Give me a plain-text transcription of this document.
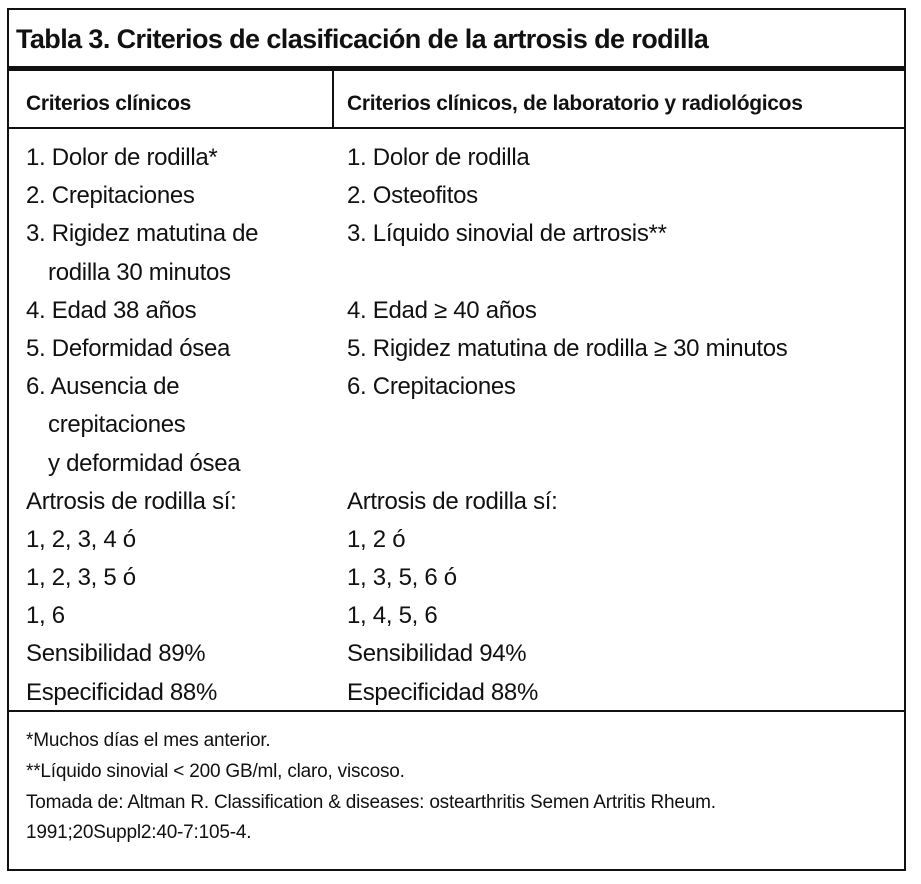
Tabla 3. Criterios de clasificación de la artrosis de rodilla
Criterios clínicos	Criterios clínicos, de laboratorio y radiológicos
1. Dolor de rodilla*
2. Crepitaciones
3. Rigidez matutina de
rodilla 30 minutos
4. Edad 38 años
5. Deformidad ósea
6. Ausencia de
crepitaciones
y deformidad ósea
Artrosis de rodilla sí:
1, 2, 3, 4 ó
1, 2, 3, 5 ó
1, 6
Sensibilidad 89%
Especificidad 88%
1. Dolor de rodilla
2. Osteofitos
3. Líquido sinovial de artrosis**
4. Edad ≥ 40 años
5. Rigidez matutina de rodilla ≥ 30 minutos
6. Crepitaciones
Artrosis de rodilla sí:
1, 2 ó
1, 3, 5, 6 ó
1, 4, 5, 6
Sensibilidad 94%
Especificidad 88%
*Muchos días el mes anterior.
**Líquido sinovial < 200 GB/ml, claro, viscoso.
Tomada de: Altman R. Classification & diseases: ostearthritis Semen Artritis Rheum.
1991;20Suppl2:40-7:105-4.
